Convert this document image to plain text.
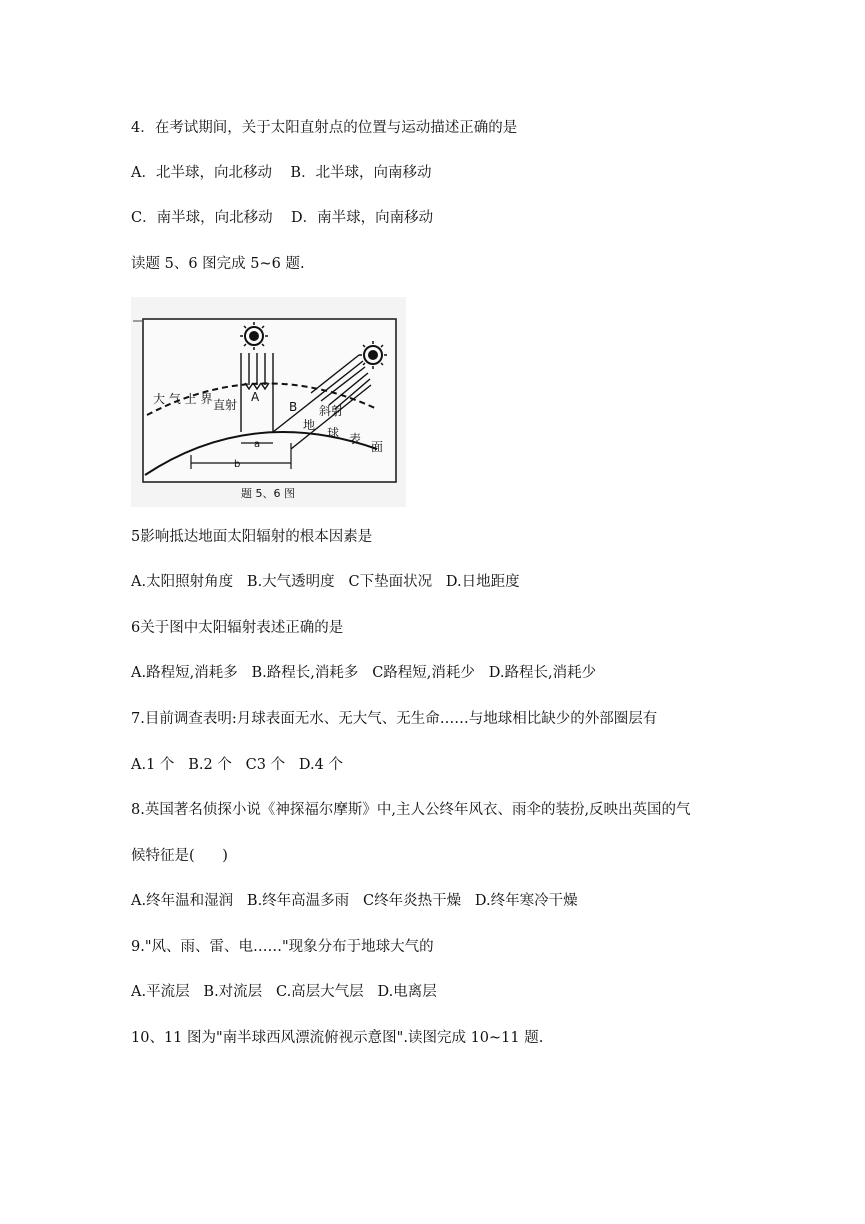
4．在考试期间，关于太阳直射点的位置与运动描述正确的是
A．北半球，向北移动    B．北半球，向南移动
C．南半球，向北移动    D．南半球，向南移动
读题 5、6 图完成 5~6 题.
大 气 上 界 直射
A
B 斜射
a
b
地
球 表
面
题 5、6 图
5影响抵达地面太阳辐射的根本因素是
A.太阳照射角度   B.大气透明度   C下垫面状况   D.日地距度
6关于图中太阳辐射表述正确的是
A.路程短,消耗多   B.路程长,消耗多   C路程短,消耗少   D.路程长,消耗少
7.目前调查表明:月球表面无水、无大气、无生命……与地球相比缺少的外部圈层有
A.1 个   B.2 个   C3 个   D.4 个
8.英国著名侦探小说《神探福尔摩斯》中,主人公终年风衣、雨伞的装扮,反映出英国的气
候特征是(      )
A.终年温和湿润   B.终年高温多雨   C终年炎热干燥   D.终年寒冷干燥
9."风、雨、雷、电……"现象分布于地球大气的
A.平流层   B.对流层   C.高层大气层   D.电离层
10、11 图为"南半球西风漂流俯视示意图".读图完成 10~11 题.
